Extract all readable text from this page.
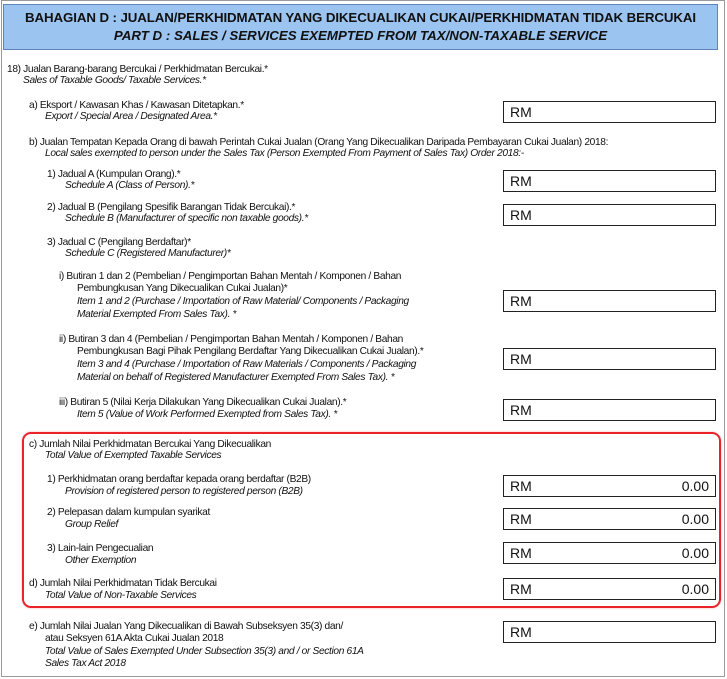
BAHAGIAN D : JUALAN/PERKHIDMATAN YANG DIKECUALIKAN CUKAI/PERKHIDMATAN TIDAK BERCUKAI
PART D : SALES / SERVICES EXEMPTED FROM TAX/NON-TAXABLE SERVICE
18) Jualan Barang-barang Bercukai / Perkhidmatan Bercukai.*
Sales of Taxable Goods/ Taxable Services.*
a) Eksport / Kawasan Khas / Kawasan Ditetapkan.*
Export / Special Area / Designated Area.*	RM
b) Jualan Tempatan Kepada Orang di bawah Perintah Cukai Jualan (Orang Yang Dikecualikan Daripada Pembayaran Cukai Jualan) 2018:
Local sales exempted to person under the Sales Tax (Person Exempted From Payment of Sales Tax) Order 2018:-
1) Jadual A (Kumpulan Orang).*
Schedule A (Class of Person).*	RM
2) Jadual B (Pengilang Spesifik Barangan Tidak Bercukai).*
Schedule B (Manufacturer of specific non taxable goods).*	RM
3) Jadual C (Pengilang Berdaftar)*
Schedule C (Registered Manufacturer)*
i) Butiran 1 dan 2 (Pembelian / Pengimportan Bahan Mentah / Komponen / Bahan
Pembungkusan Yang Dikecualikan Cukai Jualan)*
Item 1 and 2 (Purchase / Importation of Raw Material/ Components / Packaging
Material Exempted From Sales Tax). *
RM
ii) Butiran 3 dan 4 (Pembelian / Pengimportan Bahan Mentah / Komponen / Bahan
Pembungkusan Bagi Pihak Pengilang Berdaftar Yang Dikecualikan Cukai Jualan).*
Item 3 and 4 (Purchase / Importation of Raw Materials / Components / Packaging
Material on behalf of Registered Manufacturer Exempted From Sales Tax). *
RM
iii) Butiran 5 (Nilai Kerja Dilakukan Yang Dikecualikan Cukai Jualan).*
Item 5 (Value of Work Performed Exempted from Sales Tax). *	RM
c) Jumlah Nilai Perkhidmatan Bercukai Yang Dikecualikan
Total Value of Exempted Taxable Services
1) Perkhidmatan orang berdaftar kepada orang berdaftar (B2B)
Provision of registered person to registered person (B2B)	RM	0.00
2) Pelepasan dalam kumpulan syarikat
Group Relief	RM	0.00
3) Lain-lain Pengecualian
Other Exemption	RM	0.00
d) Jumlah Nilai Perkhidmatan Tidak Bercukai
Total Value of Non-Taxable Services	RM	0.00
e) Jumlah Nilai Jualan Yang Dikecualikan di Bawah Subseksyen 35(3) dan/
atau Seksyen 61A Akta Cukai Jualan 2018
Total Value of Sales Exempted Under Subsection 35(3) and / or Section 61A
Sales Tax Act 2018
RM
